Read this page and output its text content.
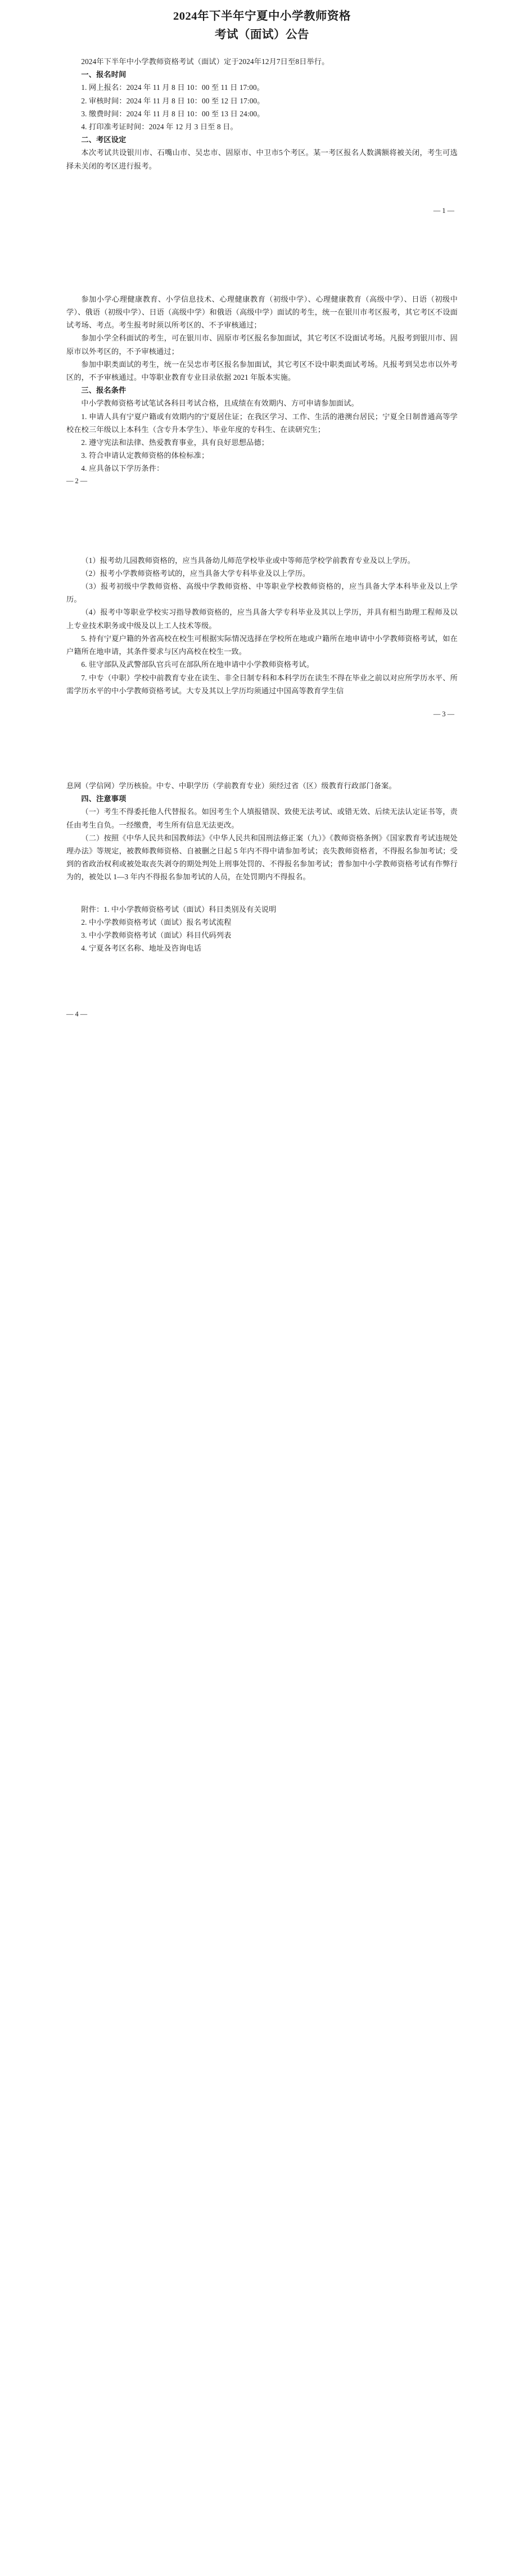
2024年下半年宁夏中小学教师资格
考试（面试）公告

2024年下半年中小学教师资格考试（面试）定于2024年12月7日至8日举行。

一、报名时间

1. 网上报名：2024 年 11 月 8 日 10：00 至 11 日 17:00。

2. 审核时间：2024 年 11 月 8 日 10：00 至 12 日 17:00。

3. 缴费时间：2024 年 11 月 8 日 10：00 至 13 日 24:00。

4. 打印准考证时间：2024 年 12 月 3 日至 8 日。

二、考区设定

本次考试共设银川市、石嘴山市、吴忠市、固原市、中卫市5个考区。某一考区报名人数满额将被关闭，考生可选择未关闭的考区进行报考。

— 1 —

参加小学心理健康教育、小学信息技术、心理健康教育（初级中学）、心理健康教育（高级中学）、日语（初级中学）、俄语（初级中学）、日语（高级中学）和俄语（高级中学）面试的考生，统一在银川市考区报考，其它考区不设面试考场、考点。考生报考时须以所考区的、不予审核通过；

参加小学全科面试的考生，可在银川市、固原市考区报名参加面试，其它考区不设面试考场。凡报考到银川市、固原市以外考区的，不予审核通过；

参加中职类面试的考生，统一在吴忠市考区报名参加面试，其它考区不设中职类面试考场。凡报考到吴忠市以外考区的，不予审核通过。中等职业教育专业目录依据 2021 年版本实施。

三、报名条件

中小学教师资格考试笔试各科目考试合格，且成绩在有效期内、方可申请参加面试。

1. 申请人具有宁夏户籍或有效期内的宁夏居住证；在我区学习、工作、生活的港澳台居民；宁夏全日制普通高等学校在校三年级以上本科生（含专升本学生）、毕业年度的专科生、在读研究生；

2. 遵守宪法和法律、热爱教育事业，具有良好思想品德；

3. 符合申请认定教师资格的体检标准；

4. 应具备以下学历条件：

— 2 —

（1）报考幼儿园教师资格的，应当具备幼儿师范学校毕业或中等师范学校学前教育专业及以上学历。

（2）报考小学教师资格考试的，应当具备大学专科毕业及以上学历。

（3）报考初级中学教师资格、高级中学教师资格、中等职业学校教师资格的，应当具备大学本科毕业及以上学历。

（4）报考中等职业学校实习指导教师资格的，应当具备大学专科毕业及其以上学历，并具有相当助理工程师及以上专业技术职务或中级及以上工人技术等级。

5. 持有宁夏户籍的外省高校在校生可根据实际情况选择在学校所在地或户籍所在地申请中小学教师资格考试，如在户籍所在地申请，其条件要求与区内高校在校生一致。

6. 驻守部队及武警部队官兵可在部队所在地申请中小学教师资格考试。

7. 中专（中职）学校中前教育专业在读生、非全日制专科和本科学历在读生不得在毕业之前以对应所学历水平、所需学历水平的中小学教师资格考试。大专及其以上学历均须通过中国高等教育学生信

— 3 —

息网（学信网）学历核验。中专、中职学历（学前教育专业）须经过省（区）级教育行政部门备案。

四、注意事项

（一）考生不得委托他人代替报名。如因考生个人填报错误、致使无法考试、或错无效、后续无法认定证书等，责任由考生自负。一经缴费，考生所有信息无法更改。

（二）按照《中华人民共和国教师法》《中华人民共和国刑法修正案（九）》《教师资格条例》《国家教育考试违规处理办法》等规定，被教师教师资格、自被删之日起 5 年内不得中请参加考试；丧失教师资格者，不得报名参加考试；受到的省政治权利或被处取丧失剥夺的期处判处上刑事处罚的、不得报名参加考试；普参加中小学教师资格考试有作弊行为的，被处以 1—3 年内不得报名参加考试的人员，在处罚期内不得报名。

附件：1. 中小学教师资格考试（面试）科目类别及有关说明

2. 中小学教师资格考试（面试）报名考试流程

3. 中小学教师资格考试（面试）科目代码列表

4. 宁夏各考区名称、地址及咨询电话

— 4 —
